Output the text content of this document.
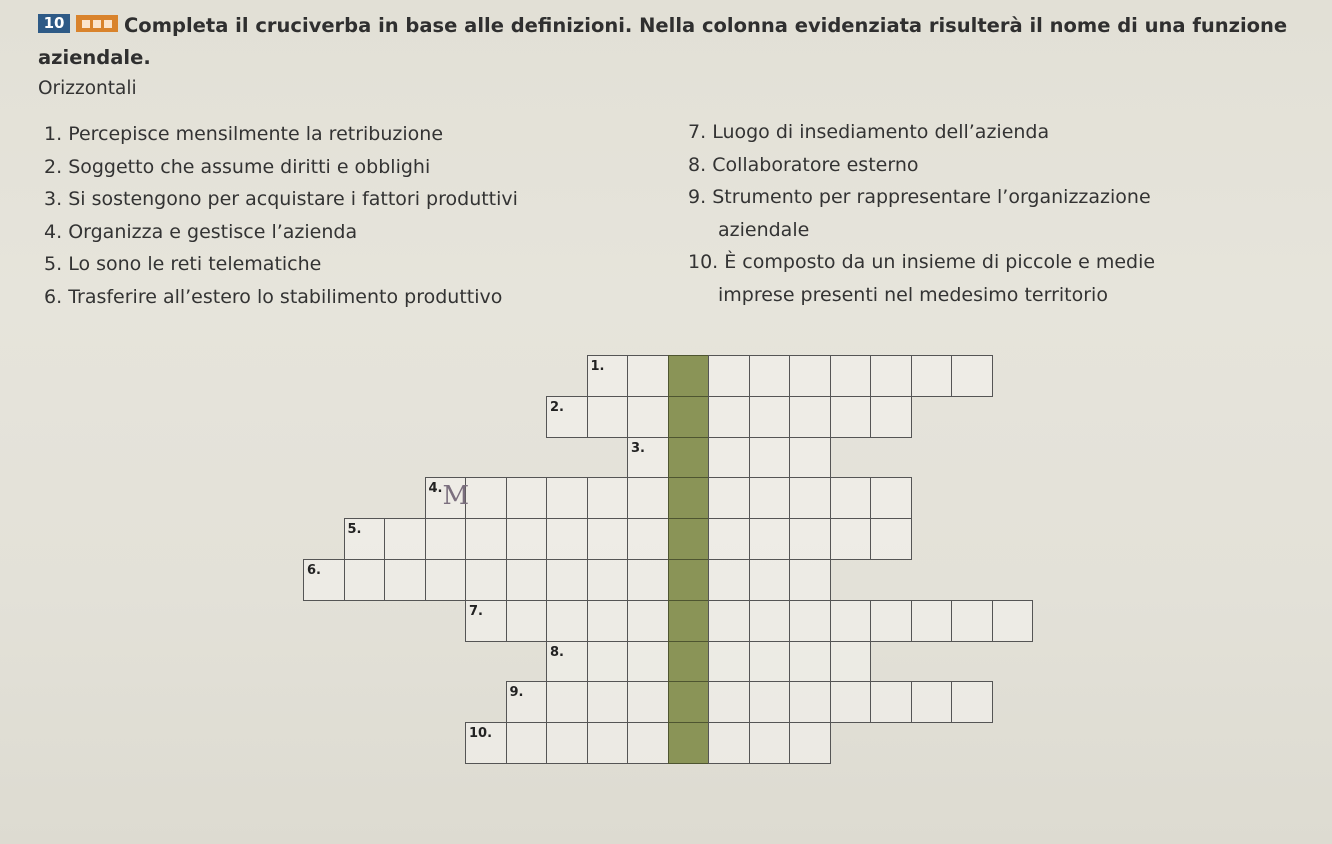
10	Completa il cruciverba in base alle definizioni. Nella colonna evidenziata risulterà il nome di una funzione aziendale.

Orizzontali
1. Percepisce mensilmente la retribuzione
2. Soggetto che assume diritti e obblighi
3. Si sostengono per acquistare i fattori produttivi
4. Organizza e gestisce l’azienda
5. Lo sono le reti telematiche
6. Trasferire all’estero lo stabilimento produttivo
7. Luogo di insediamento dell’azienda
8. Collaboratore esterno
9. Strumento per rappresentare l’organizzazione
aziendale
10. È composto da un insieme di piccole e medie
imprese presenti nel medesimo territorio
1.
2.
3.
4.
5.
6.
7.
8.
9.
10.
M
